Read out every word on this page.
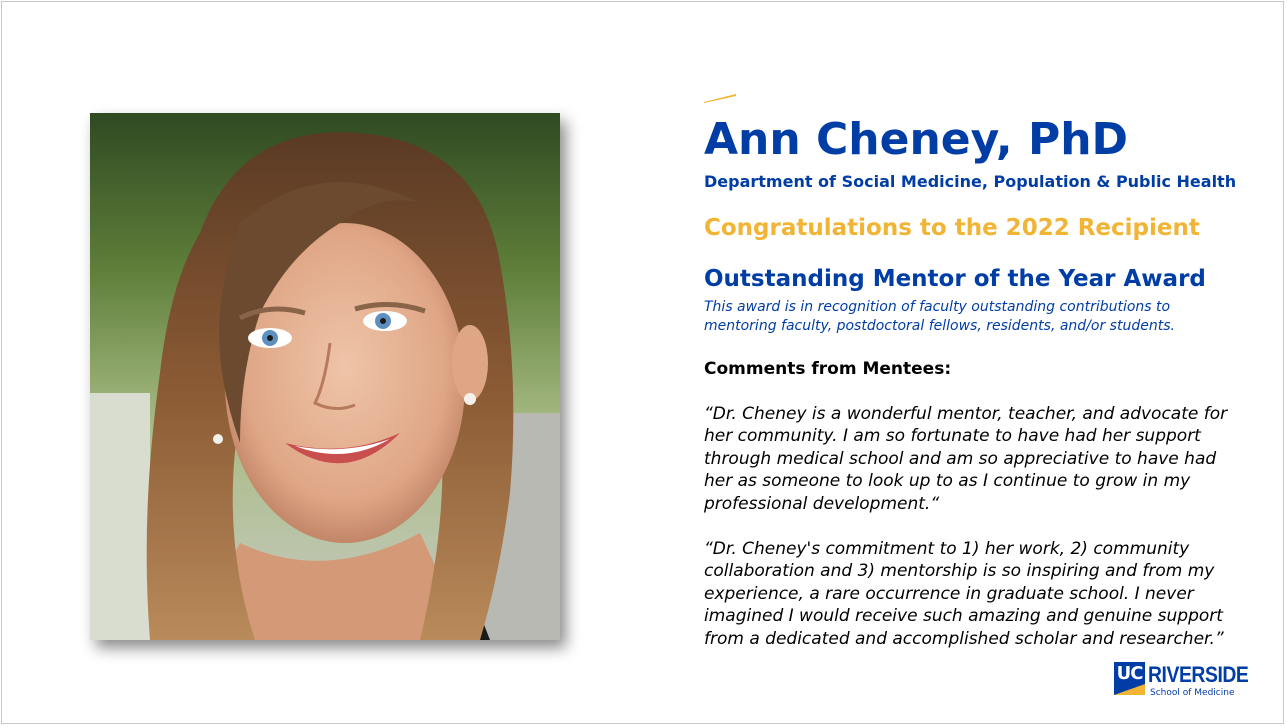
Ann Cheney, PhD
Department of Social Medicine, Population & Public Health
Congratulations to the 2022 Recipient
Outstanding Mentor of the Year Award
This award is in recognition of faculty outstanding contributions to mentoring faculty, postdoctoral fellows, residents, and/or students.
Comments from Mentees:
“Dr. Cheney is a wonderful mentor, teacher, and advocate for her community. I am so fortunate to have had her support through medical school and am so appreciative to have had her as someone to look up to as I continue to grow in my professional development.“
“Dr. Cheney's commitment to 1) her work, 2) community collaboration and 3) mentorship is so inspiring and from my experience, a rare occurrence in graduate school. I never imagined I would receive such amazing and genuine support from a dedicated and accomplished scholar and researcher.”
UC RIVERSIDE
School of Medicine
